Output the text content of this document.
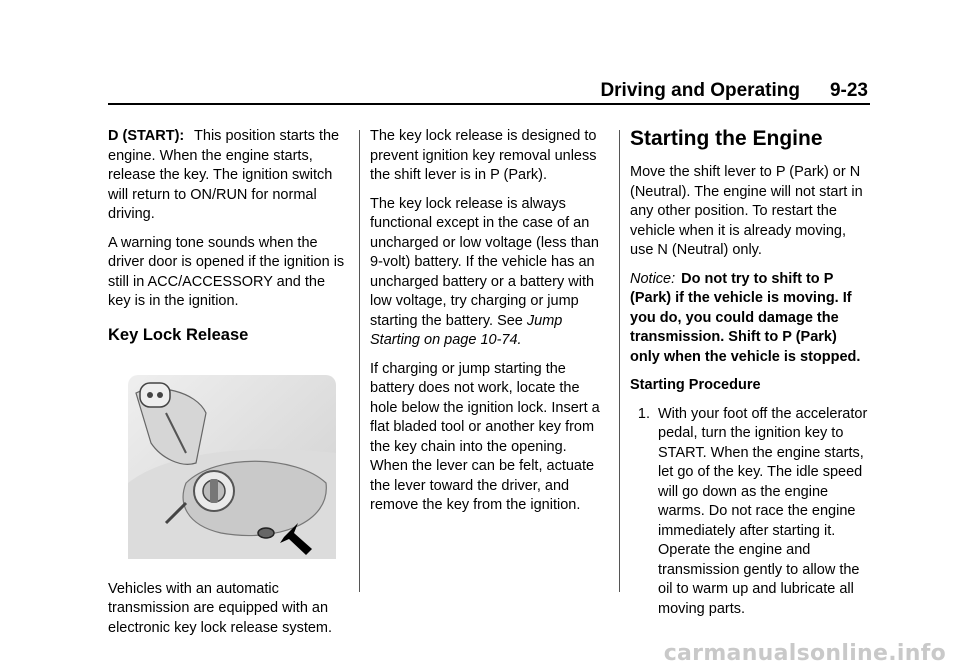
Driving and Operating 9-23

D (START): This position starts the engine. When the engine starts, release the key. The ignition switch will return to ON/RUN for normal driving.

A warning tone sounds when the driver door is opened if the ignition is still in ACC/ACCESSORY and the key is in the ignition.

Key Lock Release

Vehicles with an automatic transmission are equipped with an electronic key lock release system.

The key lock release is designed to prevent ignition key removal unless the shift lever is in P (Park).

The key lock release is always functional except in the case of an uncharged or low voltage (less than 9-volt) battery. If the vehicle has an uncharged battery or a battery with low voltage, try charging or jump starting the battery. See Jump Starting on page 10-74.

If charging or jump starting the battery does not work, locate the hole below the ignition lock. Insert a flat bladed tool or another key from the key chain into the opening. When the lever can be felt, actuate the lever toward the driver, and remove the key from the ignition.

Starting the Engine

Move the shift lever to P (Park) or N (Neutral). The engine will not start in any other position. To restart the vehicle when it is already moving, use N (Neutral) only.

Notice: Do not try to shift to P (Park) if the vehicle is moving. If you do, you could damage the transmission. Shift to P (Park) only when the vehicle is stopped.

Starting Procedure

1. With your foot off the accelerator pedal, turn the ignition key to START. When the engine starts, let go of the key. The idle speed will go down as the engine warms. Do not race the engine immediately after starting it. Operate the engine and transmission gently to allow the oil to warm up and lubricate all moving parts.
carmanualsonline.info
